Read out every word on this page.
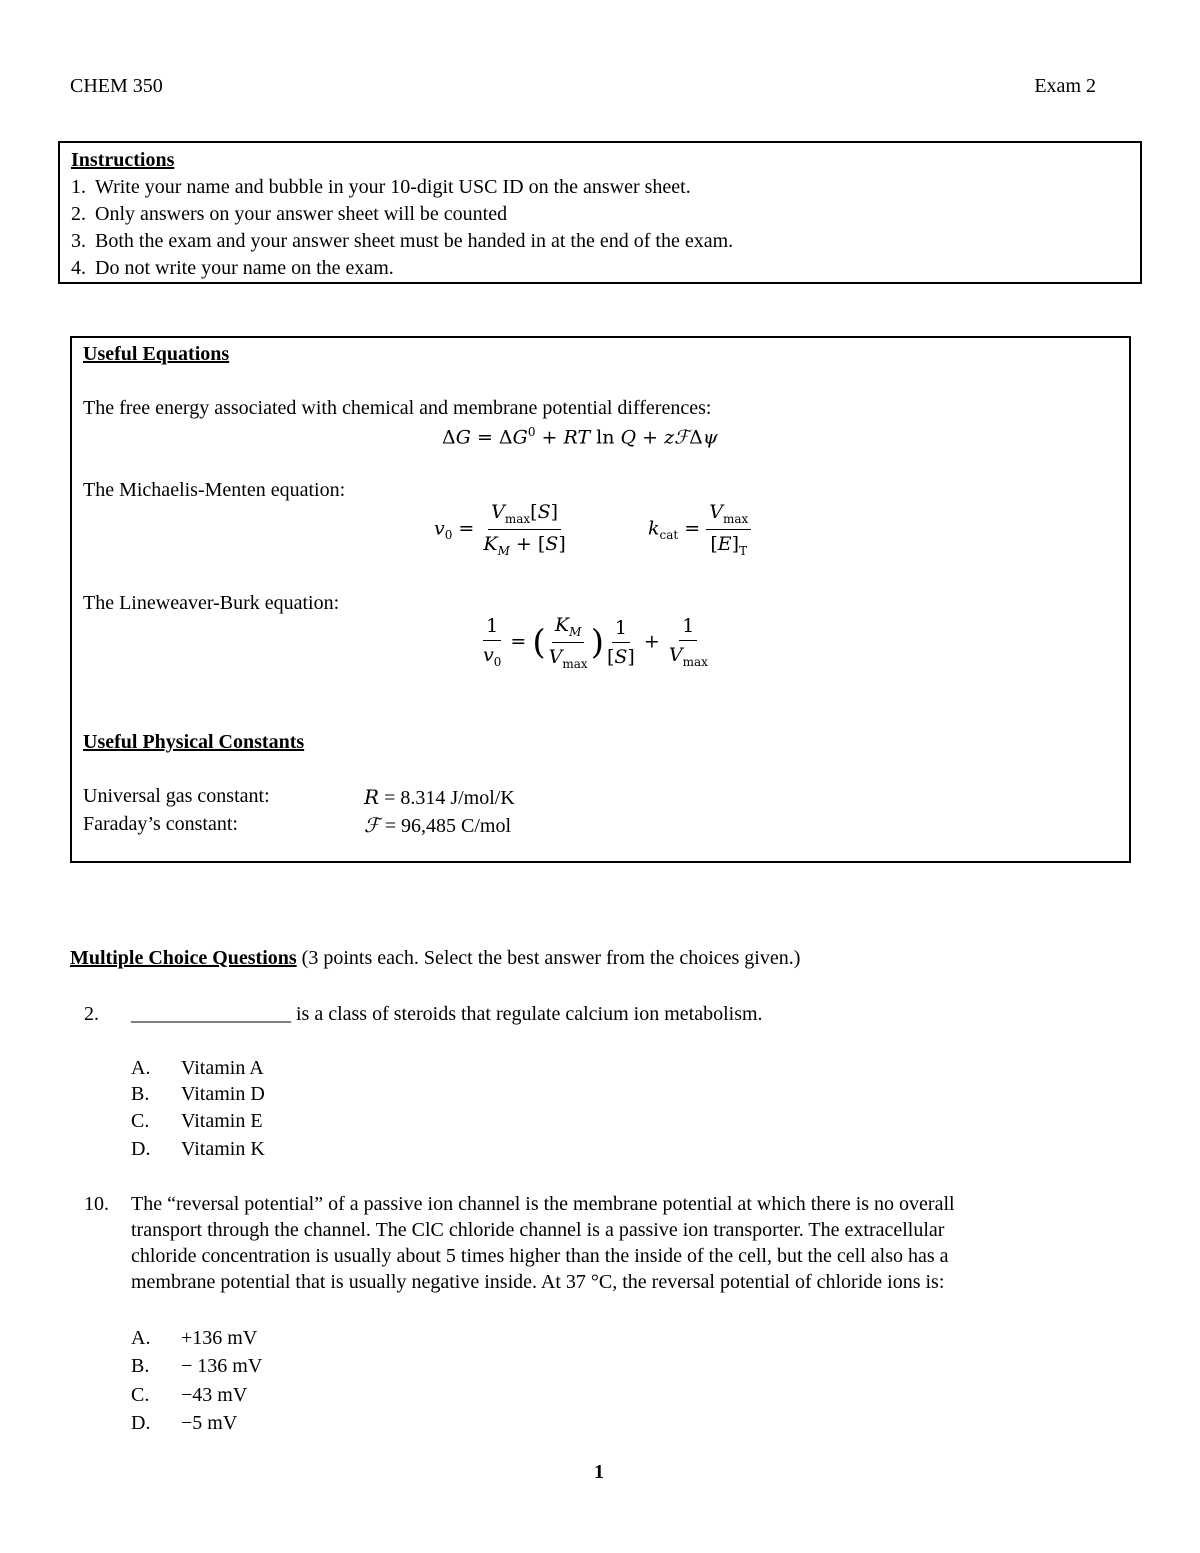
CHEM 350	Exam 2
Instructions
1. Write your name and bubble in your 10-digit USC ID on the answer sheet.
2. Only answers on your answer sheet will be counted
3. Both the exam and your answer sheet must be handed in at the end of the exam.
4. Do not write your name on the exam.
Useful Equations
The free energy associated with chemical and membrane potential differences:
$\Delta G = \Delta G^0$ + RT ln Q + zℱΔψ
The Michaelis-Menten equation:
$v_0 = \frac{V_{max}[S]}{K_M + [S]}$	$k_{cat} = \frac{V_{max}}{[E]_T}$
The Lineweaver-Burk equation:
$\frac{1}{v_0}$ = ( $\frac{K_M}{V_{max}}$ ) $\frac{1}{[S]} + \frac{1}{V_{max}}$
Useful Physical Constants
Universal gas constant:	R = 8.314 J/mol/K
Faraday’s constant:	ℱ = 96,485 C/mol
Multiple Choice Questions (3 points each. Select the best answer from the choices given.)
2. ________________ is a class of steroids that regulate calcium ion metabolism.
A. Vitamin A
B. Vitamin D
C. Vitamin E
D. Vitamin K
10. The “reversal potential” of a passive ion channel is the membrane potential at which there is no overall
transport through the channel. The ClC chloride channel is a passive ion transporter. The extracellular
chloride concentration is usually about 5 times higher than the inside of the cell, but the cell also has a
membrane potential that is usually negative inside. At 37 °C, the reversal potential of chloride ions is:
A. +136 mV
B. − 136 mV
C. −43 mV
D. −5 mV
1
